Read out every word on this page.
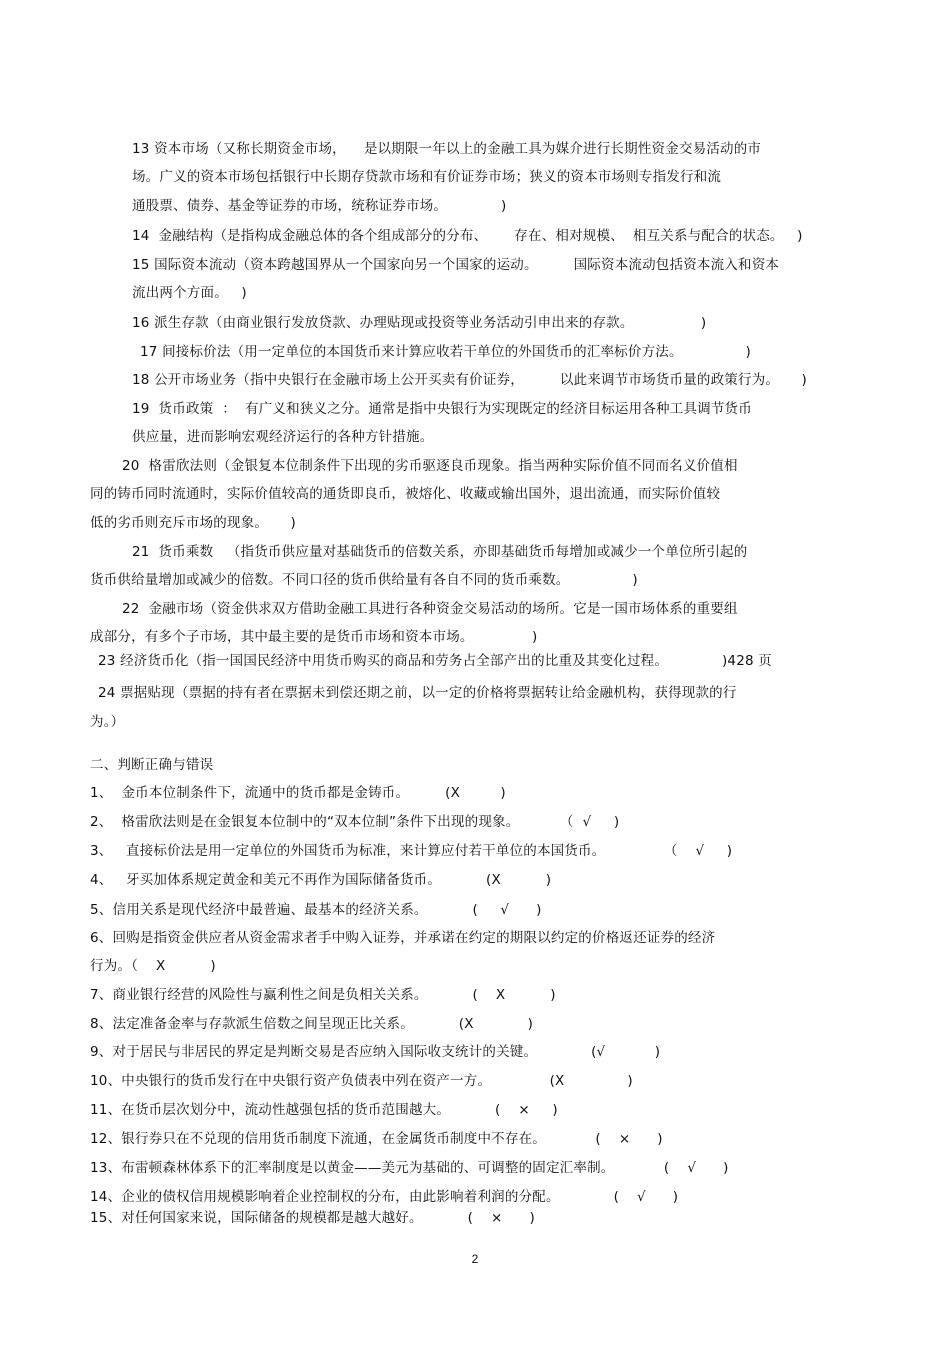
13 资本市场（又称长期资金市场，    是以期限一年以上的金融工具为媒介进行长期性资金交易活动的市
场。广义的资本市场包括银行中长期存贷款市场和有价证券市场；狭义的资本市场则专指发行和流
通股票、债券、基金等证券的市场，统称证券市场。            )
14  金融结构（是指构成金融总体的各个组成部分的分布、      存在、相对规模、  相互关系与配合的状态。   )
15 国际资本流动（资本跨越国界从一个国家向另一个国家的运动。        国际资本流动包括资本流入和资本
流出两个方面。   )
16 派生存款（由商业银行发放贷款、办理贴现或投资等业务活动引申出来的存款。               )
17 间接标价法（用一定单位的本国货币来计算应收若干单位的外国货币的汇率标价方法。              )
18 公开市场业务（指中央银行在金融市场上公开买卖有价证券，        以此来调节市场货币量的政策行为。     )
19  货币政策  ：  有广义和狭义之分。通常是指中央银行为实现既定的经济目标运用各种工具调节货币
供应量，进而影响宏观经济运行的各种方针措施。
20  格雷欣法则（金银复本位制条件下出现的劣币驱逐良币现象。指当两种实际价值不同而名义价值相
同的铸币同时流通时，实际价值较高的通货即良币，被熔化、收藏或输出国外，退出流通，而实际价值较
低的劣币则充斥市场的现象。     )
21  货币乘数   （指货币供应量对基础货币的倍数关系，亦即基础货币每增加或减少一个单位所引起的
货币供给量增加或减少的倍数。不同口径的货币供给量有各自不同的货币乘数。              )
22  金融市场（资金供求双方借助金融工具进行各种资金交易活动的场所。它是一国市场体系的重要组
成部分，有多个子市场，其中最主要的是货币市场和资本市场。             )
23 经济货币化（指一国国民经济中用货币购买的商品和劳务占全部产出的比重及其变化过程。            )428 页
24 票据贴现（票据的持有者在票据未到偿还期之前，以一定的价格将票据转让给金融机构，获得现款的行
为。）
二、判断正确与错误
1、  金币本位制条件下，流通中的货币都是金铸币。        (X         )
2、  格雷欣法则是在金银复本位制中的“双本位制”条件下出现的现象。         （  √     )
3、   直接标价法是用一定单位的外国货币为标准，来计算应付若干单位的本国货币。             （    √     )
4、   牙买加体系规定黄金和美元不再作为国际储备货币。          (X          )
5、信用关系是现代经济中最普遍、最基本的经济关系。          (     √      )
6、回购是指资金供应者从资金需求者手中购入证券，并承诺在约定的期限以约定的价格返还证券的经济
行为。（    X          )
7、商业银行经营的风险性与赢利性之间是负相关关系。          (    X          )
8、法定准备金率与存款派生倍数之间呈现正比关系。          (X            )
9、对于居民与非居民的界定是判断交易是否应纳入国际收支统计的关键。            (√           )
10、中央银行的货币发行在中央银行资产负债表中列在资产一方。             (X              )
11、在货币层次划分中，流动性越强包括的货币范围越大。          (    ×     )
12、银行券只在不兑现的信用货币制度下流通，在金属货币制度中不存在。           (    ×      )
13、布雷顿森林体系下的汇率制度是以黄金——美元为基础的、可调整的固定汇率制。           (    √      )
14、企业的债权信用规模影响着企业控制权的分布，由此影响着利润的分配。            (    √      )
15、对任何国家来说，国际储备的规模都是越大越好。          (    ×      )
2
